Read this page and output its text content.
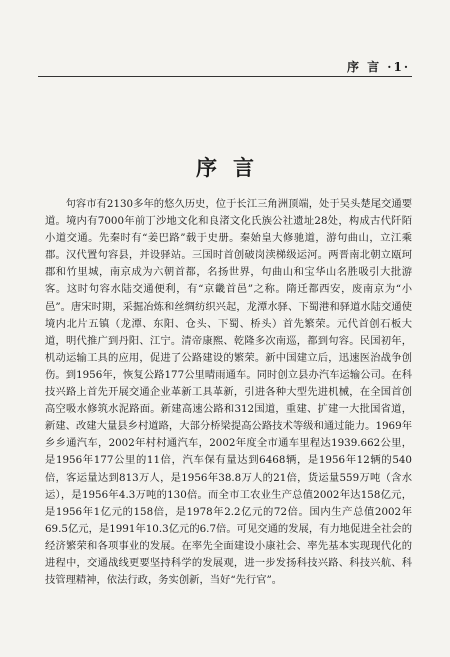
序 言 ·1·
序言

句容市有2130多年的悠久历史，位于长江三角洲顶端，处于吴头楚尾交通要道。境内有7000年前丁沙地文化和良渚文化氏族公社遗址28处，构成古代阡陌小道交通。先秦时有“姜巴路”载于史册。秦始皇大修驰道，游句曲山，立江乘郡。汉代置句容县，并设驿站。三国时首创破岗渎梯级运河。两晋南北朝立瓯珂郡和竹里城，南京成为六朝首都，名扬世界，句曲山和宝华山名胜吸引大批游客。这时句容水陆交通便利，有“京畿首邑”之称。隋迁都西安，废南京为“小邑”。唐宋时期，采掘冶炼和丝绸纺织兴起，龙潭水驿、下蜀港和驿道水陆交通使境内北片五镇（龙潭、东阳、仓头、下蜀、桥头）首先繁荣。元代首创石板大道，明代推广到丹阳、江宁。清帝康熙、乾隆多次南巡，都到句容。民国初年，机动运输工具的应用，促进了公路建设的繁荣。新中国建立后，迅速医治战争创伤。到1956年，恢复公路177公里晴雨通车。同时创立县办汽车运输公司。在科技兴路上首先开展交通企业革新工具革新，引进各种大型先进机械，在全国首创高空吸水修筑水泥路面。新建高速公路和312国道，重建、扩建一大批国省道，新建、改建大量县乡村道路，大部分桥梁提高公路技术等级和通过能力。1969年乡乡通汽车，2002年村村通汽车，2002年度全市通车里程达1939.662公里，是1956年177公里的11倍，汽车保有量达到6468辆，是1956年12辆的540倍，客运量达到813万人，是1956年38.8万人的21倍，货运量559万吨（含水运），是1956年4.3万吨的130倍。而全市工农业生产总值2002年达158亿元，是1956年1亿元的158倍，是1978年2.2亿元的72倍。国内生产总值2002年69.5亿元，是1991年10.3亿元的6.7倍。可见交通的发展，有力地促进全社会的经济繁荣和各项事业的发展。在率先全面建设小康社会、率先基本实现现代化的进程中，交通战线更要坚持科学的发展观，进一步发扬科技兴路、科技兴航、科技管理精神，依法行政，务实创新，当好“先行官”。
